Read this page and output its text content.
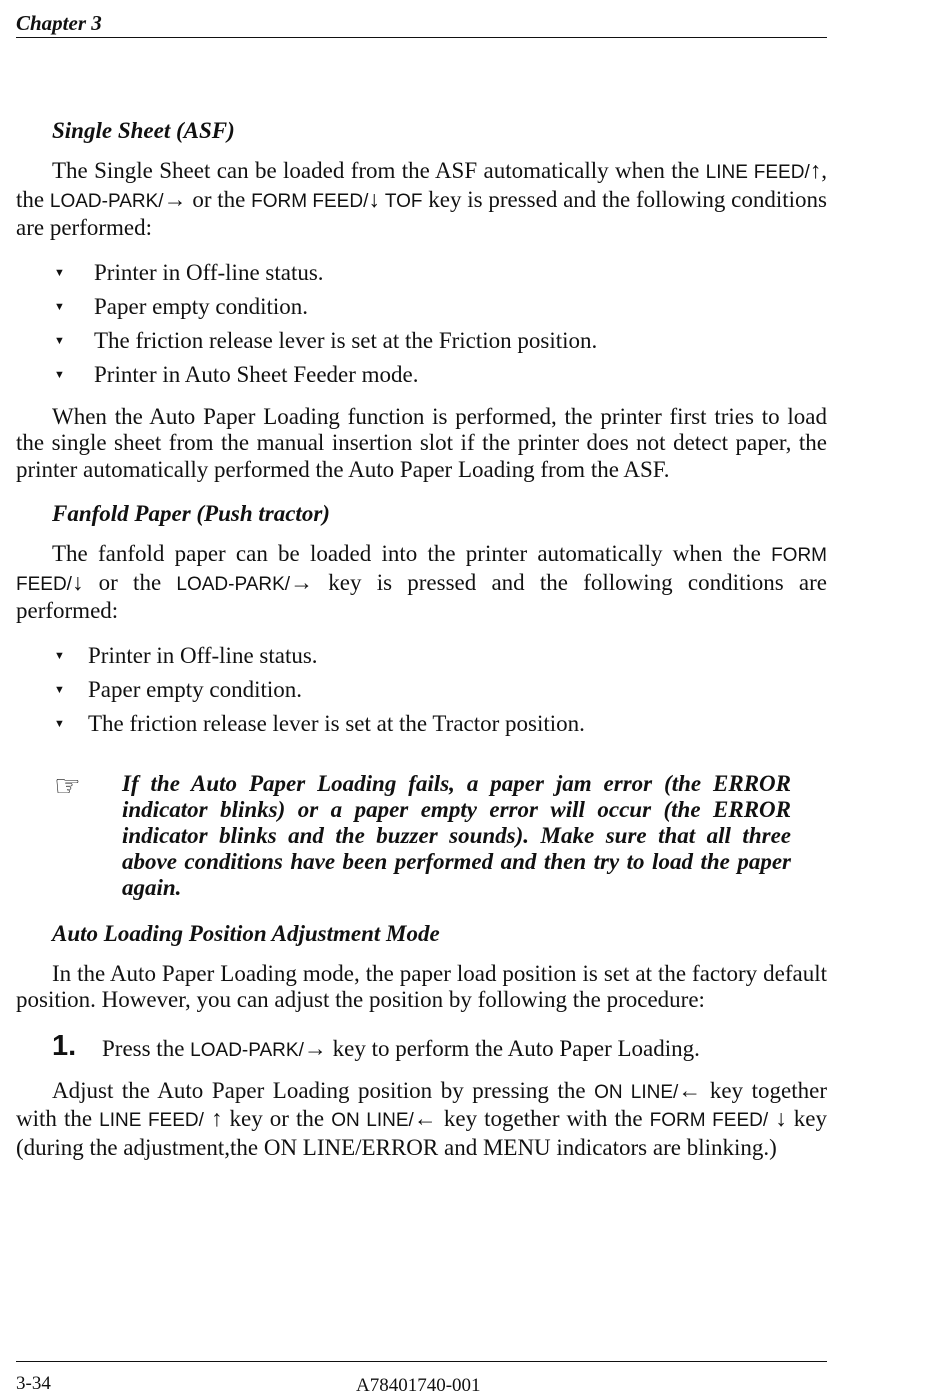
Chapter 3
Single Sheet (ASF)

The Single Sheet can be loaded from the ASF automatically when the LINE FEED/↑, the LOAD-PARK/→ or the FORM FEED/↓ TOF key is pressed and the following conditions are performed:

▼ Printer in Off-line status.
▼ Paper empty condition.
▼ The friction release lever is set at the Friction position.
▼ Printer in Auto Sheet Feeder mode.

When the Auto Paper Loading function is performed, the printer first tries to load the single sheet from the manual insertion slot if the printer does not detect paper, the printer automatically performed the Auto Paper Loading from the ASF.

Fanfold Paper (Push tractor)

The fanfold paper can be loaded into the printer automatically when the FORM FEED/↓ or the LOAD-PARK/→ key is pressed and the following conditions are performed:

▼ Printer in Off-line status.
▼ Paper empty condition.
▼ The friction release lever is set at the Tractor position.
☞ If the Auto Paper Loading fails, a paper jam error (the ERROR indicator blinks) or a paper empty error will occur (the ERROR indicator blinks and the buzzer sounds). Make sure that all three above conditions have been performed and then try to load the paper again.

Auto Loading Position Adjustment Mode

In the Auto Paper Loading mode, the paper load position is set at the factory default position. However, you can adjust the position by following the procedure:

1. Press the LOAD-PARK/→ key to perform the Auto Paper Loading.

Adjust the Auto Paper Loading position by pressing the ON LINE/← key together with the LINE FEED/ ↑ key or the ON LINE/← key together with the FORM FEED/ ↓ key (during the adjustment,the ON LINE/ERROR and MENU indicators are blinking.)

3-34	A78401740-001
